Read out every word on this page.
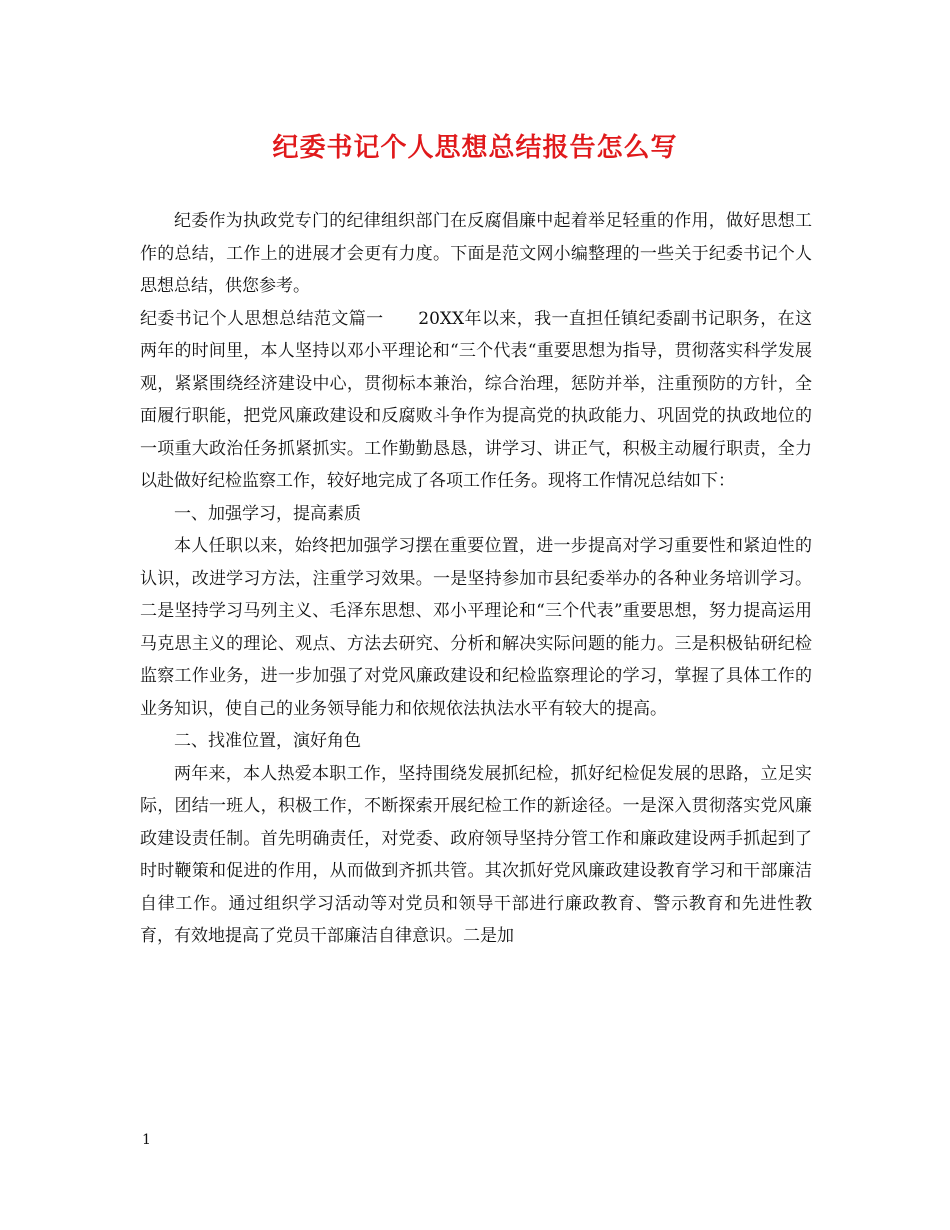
纪委书记个人思想总结报告怎么写

纪委作为执政党专门的纪律组织部门在反腐倡廉中起着举足轻重的作用，做好思想工作的总结，工作上的进展才会更有力度。下面是范文网小编整理的一些关于纪委书记个人思想总结，供您参考。

纪委书记个人思想总结范文篇一　　20XX年以来，我一直担任镇纪委副书记职务，在这两年的时间里，本人坚持以邓小平理论和“三个代表“重要思想为指导，贯彻落实科学发展观，紧紧围绕经济建设中心，贯彻标本兼治，综合治理，惩防并举，注重预防的方针，全面履行职能，把党风廉政建设和反腐败斗争作为提高党的执政能力、巩固党的执政地位的一项重大政治任务抓紧抓实。工作勤勤恳恳，讲学习、讲正气，积极主动履行职责，全力以赴做好纪检监察工作，较好地完成了各项工作任务。现将工作情况总结如下：

一、加强学习，提高素质

本人任职以来，始终把加强学习摆在重要位置，进一步提高对学习重要性和紧迫性的认识，改进学习方法，注重学习效果。一是坚持参加市县纪委举办的各种业务培训学习。二是坚持学习马列主义、毛泽东思想、邓小平理论和“三个代表”重要思想，努力提高运用马克思主义的理论、观点、方法去研究、分析和解决实际问题的能力。三是积极钻研纪检监察工作业务，进一步加强了对党风廉政建设和纪检监察理论的学习，掌握了具体工作的业务知识，使自己的业务领导能力和依规依法执法水平有较大的提高。

二、找准位置，演好角色

两年来，本人热爱本职工作，坚持围绕发展抓纪检，抓好纪检促发展的思路，立足实际，团结一班人，积极工作，不断探索开展纪检工作的新途径。一是深入贯彻落实党风廉政建设责任制。首先明确责任，对党委、政府领导坚持分管工作和廉政建设两手抓起到了时时鞭策和促进的作用，从而做到齐抓共管。其次抓好党风廉政建设教育学习和干部廉洁自律工作。通过组织学习活动等对党员和领导干部进行廉政教育、警示教育和先进性教育，有效地提高了党员干部廉洁自律意识。二是加

1
